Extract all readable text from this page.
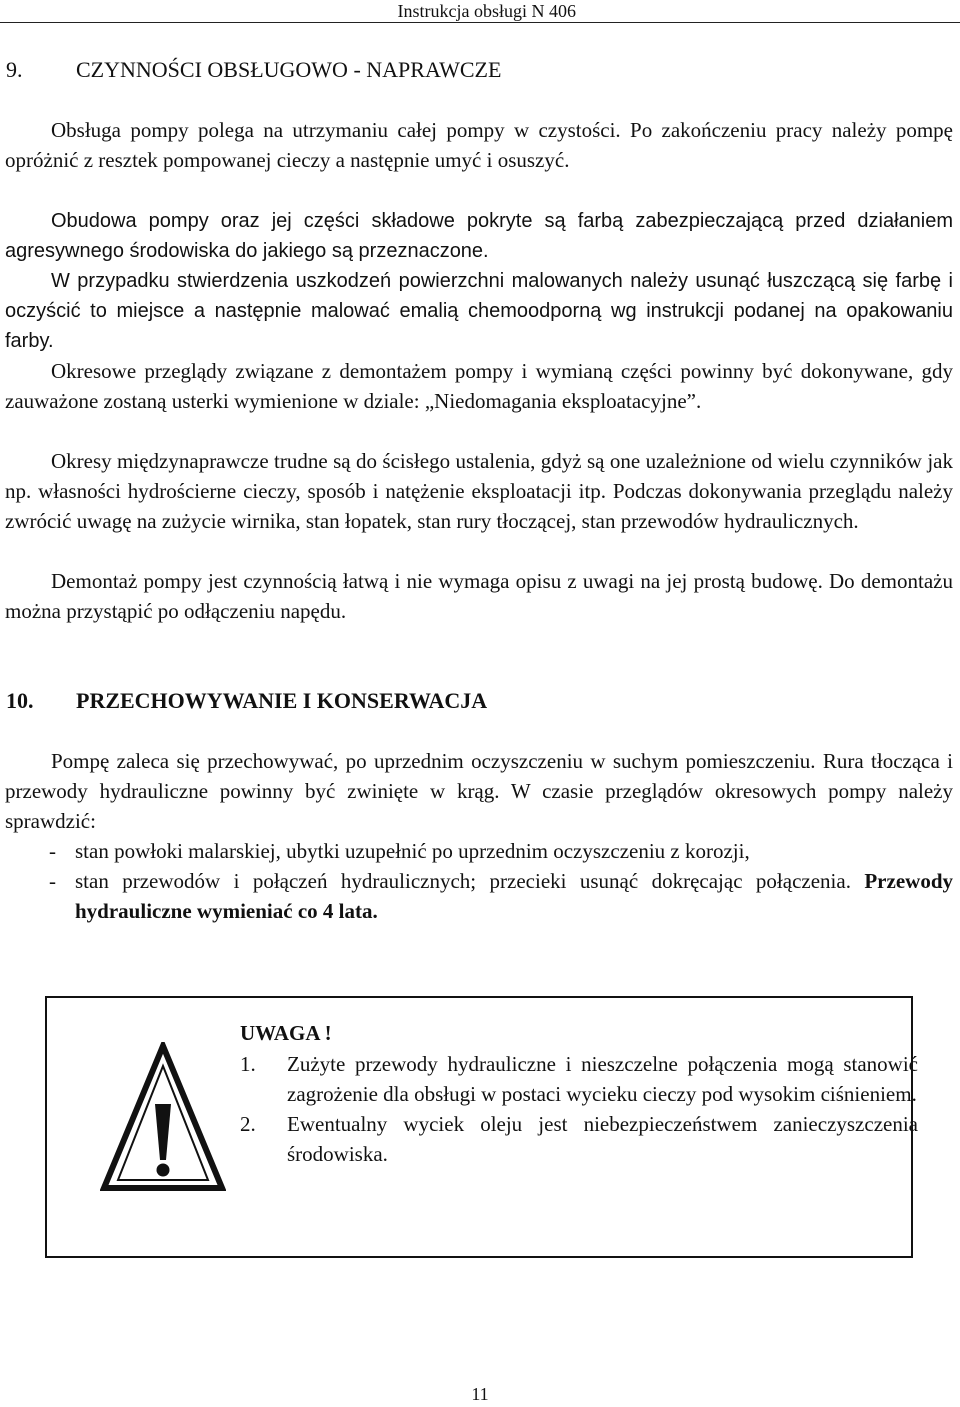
Instrukcja obsługi N 406
9. CZYNNOŚCI OBSŁUGOWO - NAPRAWCZE
Obsługa pompy polega na utrzymaniu całej pompy w czystości. Po zakończeniu pracy należy pompę opróżnić z resztek pompowanej cieczy a następnie umyć i osuszyć.
Obudowa pompy oraz jej części składowe pokryte są farbą zabezpieczającą przed działaniem agresywnego środowiska do jakiego są przeznaczone.
W przypadku stwierdzenia uszkodzeń powierzchni malowanych należy usunąć łuszczącą się farbę i oczyścić to miejsce a następnie malować emalią chemoodporną wg instrukcji podanej na opakowaniu farby.
Okresowe przeglądy związane z demontażem pompy i wymianą części powinny być dokonywane, gdy zauważone zostaną usterki wymienione w dziale: „Niedomagania eksploatacyjne”.
Okresy międzynaprawcze trudne są do ścisłego ustalenia, gdyż są one uzależnione od wielu czynników jak np. własności hydrościerne cieczy, sposób i natężenie eksploatacji itp. Podczas dokonywania przeglądu należy zwrócić uwagę na zużycie wirnika, stan łopatek, stan rury tłoczącej, stan przewodów hydraulicznych.
Demontaż pompy jest czynnością łatwą i nie wymaga opisu z uwagi na jej prostą budowę. Do demontażu można przystąpić po odłączeniu napędu.
10. PRZECHOWYWANIE I KONSERWACJA
Pompę zaleca się przechowywać, po uprzednim oczyszczeniu w suchym pomieszczeniu. Rura tłocząca i przewody hydrauliczne powinny być zwinięte w krąg. W czasie przeglądów okresowych pompy należy sprawdzić:
- stan powłoki malarskiej, ubytki uzupełnić po uprzednim oczyszczeniu z korozji,
- stan przewodów i połączeń hydraulicznych; przecieki usunąć dokręcając połączenia. Przewody hydrauliczne wymieniać co 4 lata.
UWAGA !
1. Zużyte przewody hydrauliczne i nieszczelne połączenia mogą stanowić zagrożenie dla obsługi w postaci wycieku cieczy pod wysokim ciśnieniem.
2. Ewentualny wyciek oleju jest niebezpieczeństwem zanieczyszczenia środowiska.
11
